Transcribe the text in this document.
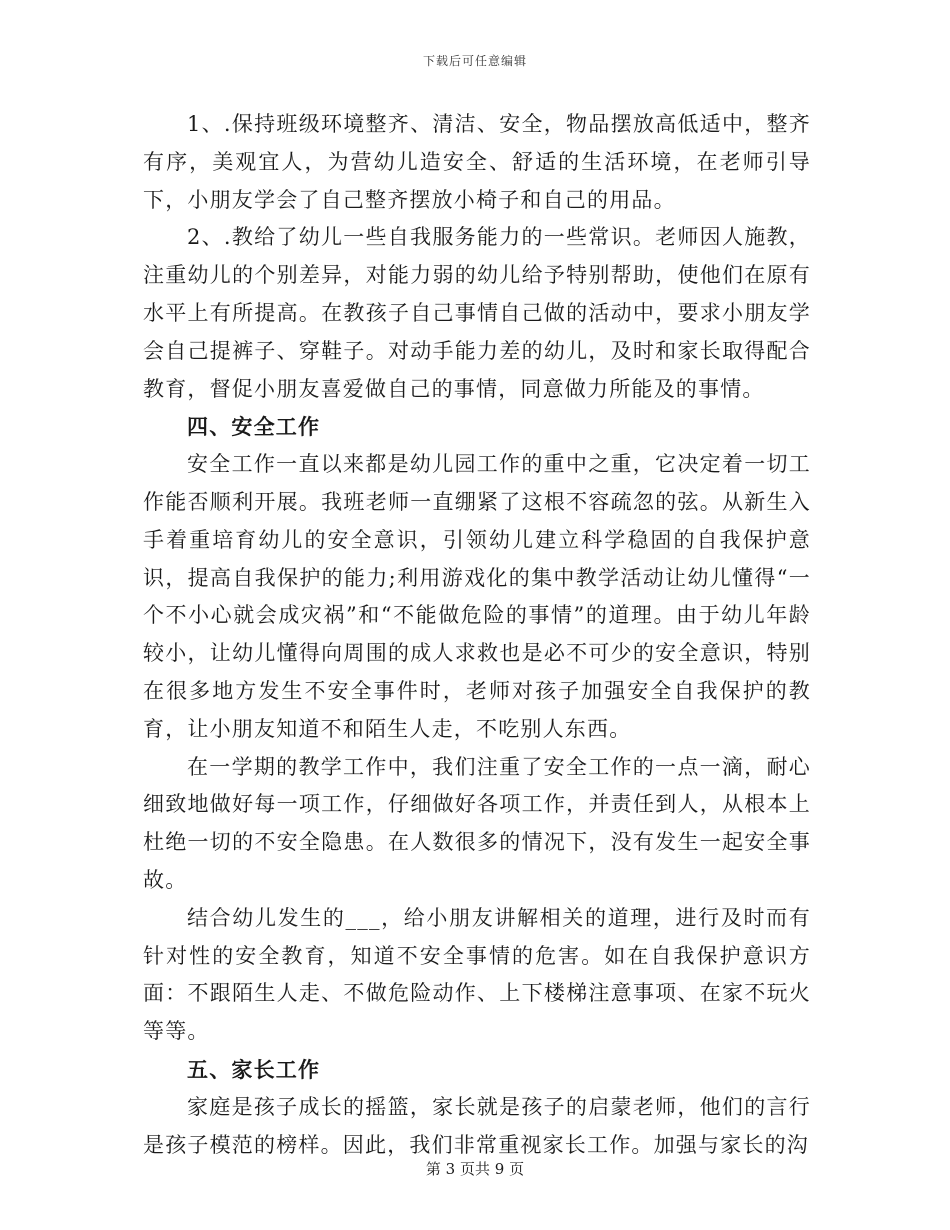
下载后可任意编辑

1、.保持班级环境整齐、清洁、安全，物品摆放高低适中，整齐有序，美观宜人，为营幼儿造安全、舒适的生活环境，在老师引导下，小朋友学会了自己整齐摆放小椅子和自己的用品。

2、.教给了幼儿一些自我服务能力的一些常识。老师因人施教，注重幼儿的个别差异，对能力弱的幼儿给予特别帮助，使他们在原有水平上有所提高。在教孩子自己事情自己做的活动中，要求小朋友学会自己提裤子、穿鞋子。对动手能力差的幼儿，及时和家长取得配合教育，督促小朋友喜爱做自己的事情，同意做力所能及的事情。

四、安全工作

安全工作一直以来都是幼儿园工作的重中之重，它决定着一切工作能否顺利开展。我班老师一直绷紧了这根不容疏忽的弦。从新生入手着重培育幼儿的安全意识，引领幼儿建立科学稳固的自我保护意识，提高自我保护的能力;利用游戏化的集中教学活动让幼儿懂得“一个不小心就会成灾祸”和“不能做危险的事情”的道理。由于幼儿年龄较小，让幼儿懂得向周围的成人求救也是必不可少的安全意识，特别在很多地方发生不安全事件时，老师对孩子加强安全自我保护的教育，让小朋友知道不和陌生人走，不吃别人东西。

在一学期的教学工作中，我们注重了安全工作的一点一滴，耐心细致地做好每一项工作，仔细做好各项工作，并责任到人，从根本上杜绝一切的不安全隐患。在人数很多的情况下，没有发生一起安全事故。

结合幼儿发生的___，给小朋友讲解相关的道理，进行及时而有针对性的安全教育，知道不安全事情的危害。如在自我保护意识方面：不跟陌生人走、不做危险动作、上下楼梯注意事项、在家不玩火等等。

五、家长工作

家庭是孩子成长的摇篮，家长就是孩子的启蒙老师，他们的言行是孩子模范的榜样。因此，我们非常重视家长工作。加强与家长的沟

第 3 页共 9 页
